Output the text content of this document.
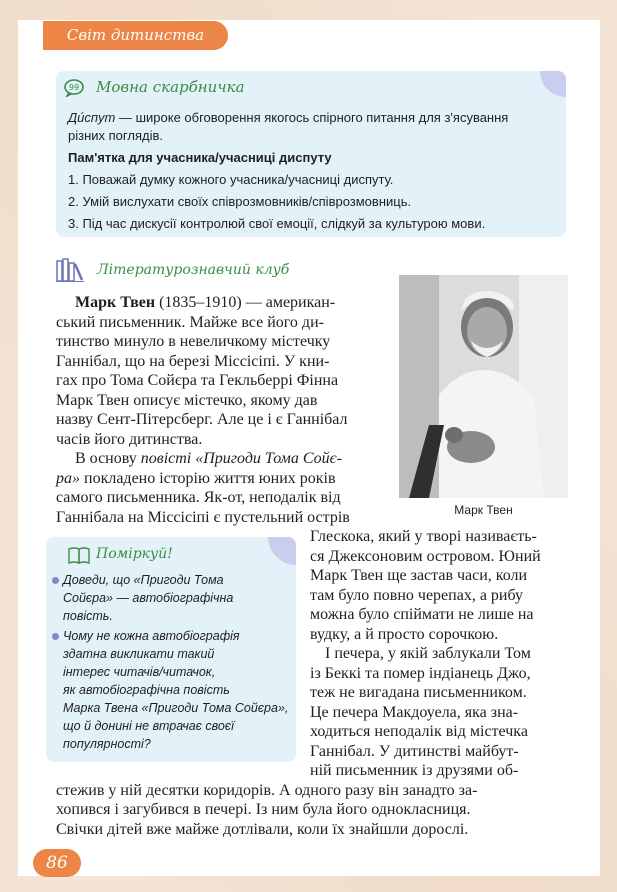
Світ дитинства
99 Мовна скарбничка
Ди́спут — широке обговорення якогось спірного питання для з'ясування
різних поглядів.
Пам'ятка для учасника/учасниці диспуту
1. Поважай думку кожного учасника/учасниці диспуту.
2. Умій вислухати своїх співрозмовників/співрозмовниць.
3. Під час дискусії контролюй свої емоції, слідкуй за культурою мови.
Літературознавчий клуб
Марк Твен
Марк Твен (1835–1910) — американ-
ський письменник. Майже все його ди-
тинство минуло в невеличкому містечку
Ганнібал, що на березі Міссісіпі. У кни-
гах про Тома Сойєра та Гекльберрі Фінна
Марк Твен описує містечко, якому дав
назву Сент-Пітерсберг. Але це і є Ганнібал
часів його дитинства.
В основу повісті «Пригоди Тома Сойє-
ра» покладено історію життя юних років
самого письменника. Як-от, неподалік від
Ганнібала на Міссісіпі є пустельний острів
Глескока, який у творі називаєть-
ся Джексоновим островом. Юний
Марк Твен ще застав часи, коли
там було повно черепах, а рибу
можна було спіймати не лише на
вудку, а й просто сорочкою.
І печера, у якій заблукали Том
із Беккі та помер індіанець Джо,
теж не вигадана письменником.
Це печера Макдоуела, яка зна-
ходиться неподалік від містечка
Ганнібал. У дитинстві майбут-
ній письменник із друзями об-
стежив у ній десятки коридорів. А одного разу він занадто за-
хопився і загубився в печері. Із ним була його однокласниця.
Свічки дітей вже майже дотлівали, коли їх знайшли дорослі.
Поміркуй!
Доведи, що «Пригоди Тома
Сойєра» — автобіографічна
повість.
Чому не кожна автобіографія
здатна викликати такий
інтерес читачів/читачок,
як автобіографічна повість
Марка Твена «Пригоди Тома Сойєра»,
що й донині не втрачає своєї
популярності?
86
